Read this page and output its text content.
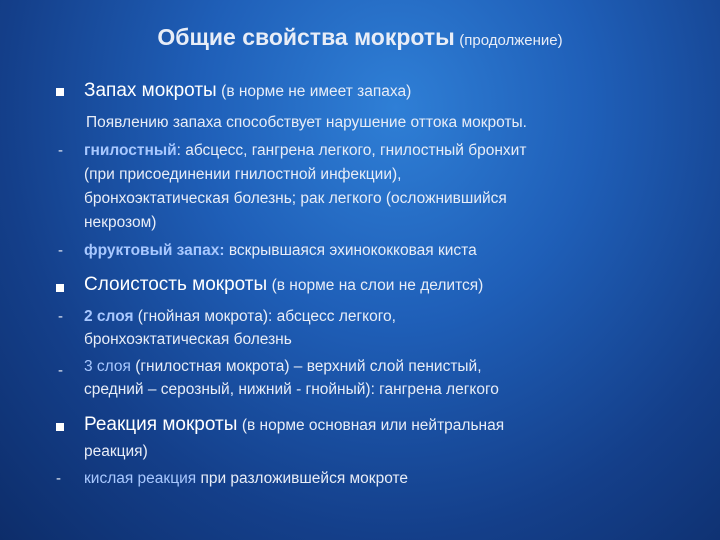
Общие свойства мокроты (продолжение)
Запах мокроты (в норме не имеет запаха)
Появлению запаха способствует нарушение оттока мокроты.
- гнилостный: абсцесс, гангрена легкого, гнилостный бронхит
(при присоединении гнилостной инфекции),
бронхоэктатическая болезнь; рак легкого (осложнившийся
некрозом)
- фруктовый запах: вскрывшаяся эхинококковая киста
Слоистость мокроты (в норме на слои не делится)
- 2 слоя (гнойная мокрота): абсцесс легкого,
бронхоэктатическая болезнь
- 3 слоя (гнилостная мокрота) – верхний слой пенистый,
средний – серозный, нижний - гнойный): гангрена легкого
Реакция мокроты (в норме основная или нейтральная
реакция)
- кислая реакция при разложившейся мокроте
